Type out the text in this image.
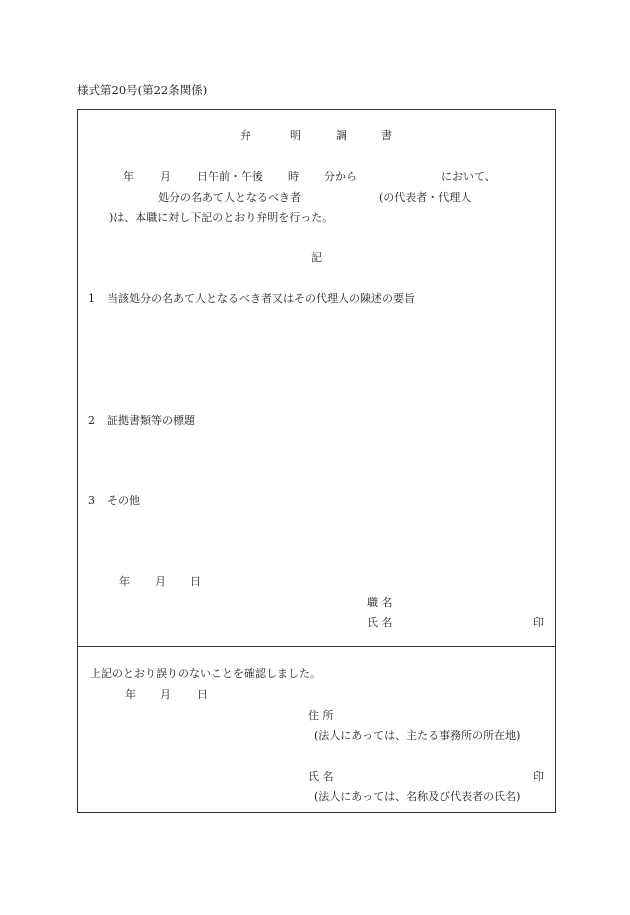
様式第20号(第22条関係)
弁	明	調	書
年 月 日午前・午後 時 分から	において、
処分の名あて人となるべき者	(の代表者・代理人
)は、本職に対し下記のとおり弁明を行った。
記
1 当該処分の名あて人となるべき者又はその代理人の陳述の要旨
2 証拠書類等の標題
3 その他
年 月 日
職 名
氏 名	印
上記のとおり誤りのないことを確認しました。
年 月 日
住 所
(法人にあっては、主たる事務所の所在地)
氏 名	印
(法人にあっては、名称及び代表者の氏名)
